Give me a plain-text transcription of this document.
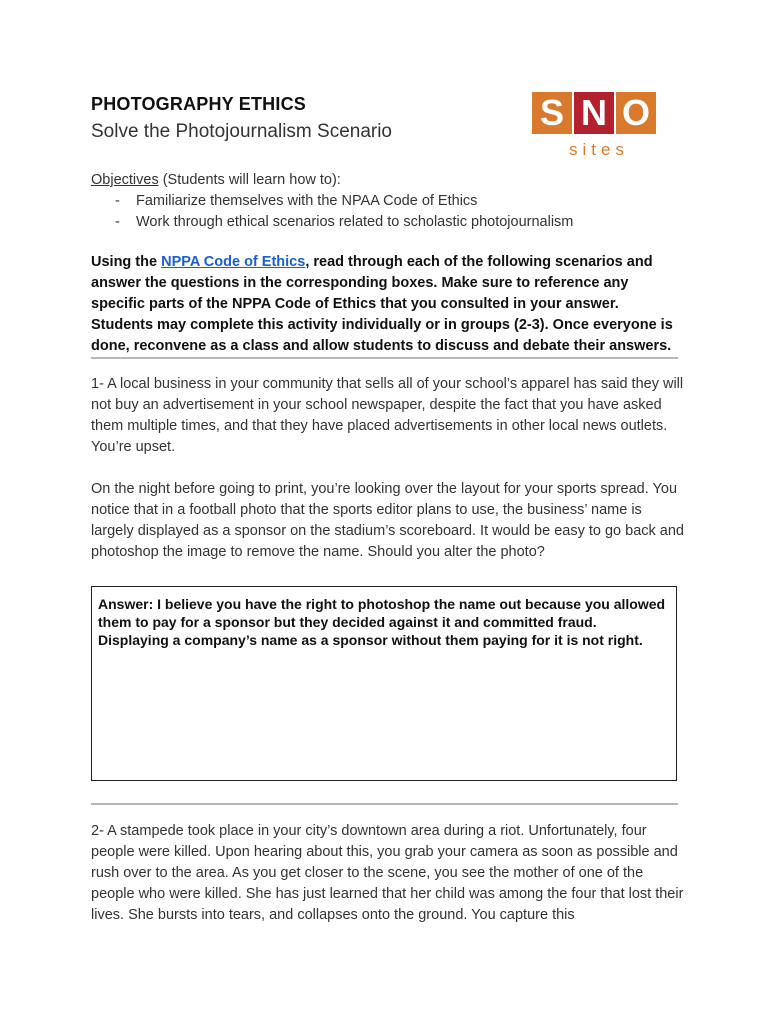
PHOTOGRAPHY ETHICS
Solve the Photojournalism Scenario	S N O
sites
Objectives (Students will learn how to):
- Familiarize themselves with the NPAA Code of Ethics
- Work through ethical scenarios related to scholastic photojournalism
Using the NPPA Code of Ethics, read through each of the following scenarios and answer the questions in the corresponding boxes. Make sure to reference any specific parts of the NPPA Code of Ethics that you consulted in your answer. Students may complete this activity individually or in groups (2-3). Once everyone is done, reconvene as a class and allow students to discuss and debate their answers.

1- A local business in your community that sells all of your school’s apparel has said they will not buy an advertisement in your school newspaper, despite the fact that you have asked them multiple times, and that they have placed advertisements in other local news outlets. You’re upset.

On the night before going to print, you’re looking over the layout for your sports spread. You notice that in a football photo that the sports editor plans to use, the business’ name is largely displayed as a sponsor on the stadium’s scoreboard. It would be easy to go back and photoshop the image to remove the name. Should you alter the photo?

Answer: I believe you have the right to photoshop the name out because you allowed them to pay for a sponsor but they decided against it and committed fraud. Displaying a company’s name as a sponsor without them paying for it is not right.

2- A stampede took place in your city’s downtown area during a riot. Unfortunately, four people were killed. Upon hearing about this, you grab your camera as soon as possible and rush over to the area. As you get closer to the scene, you see the mother of one of the people who were killed. She has just learned that her child was among the four that lost their lives. She bursts into tears, and collapses onto the ground. You capture this
